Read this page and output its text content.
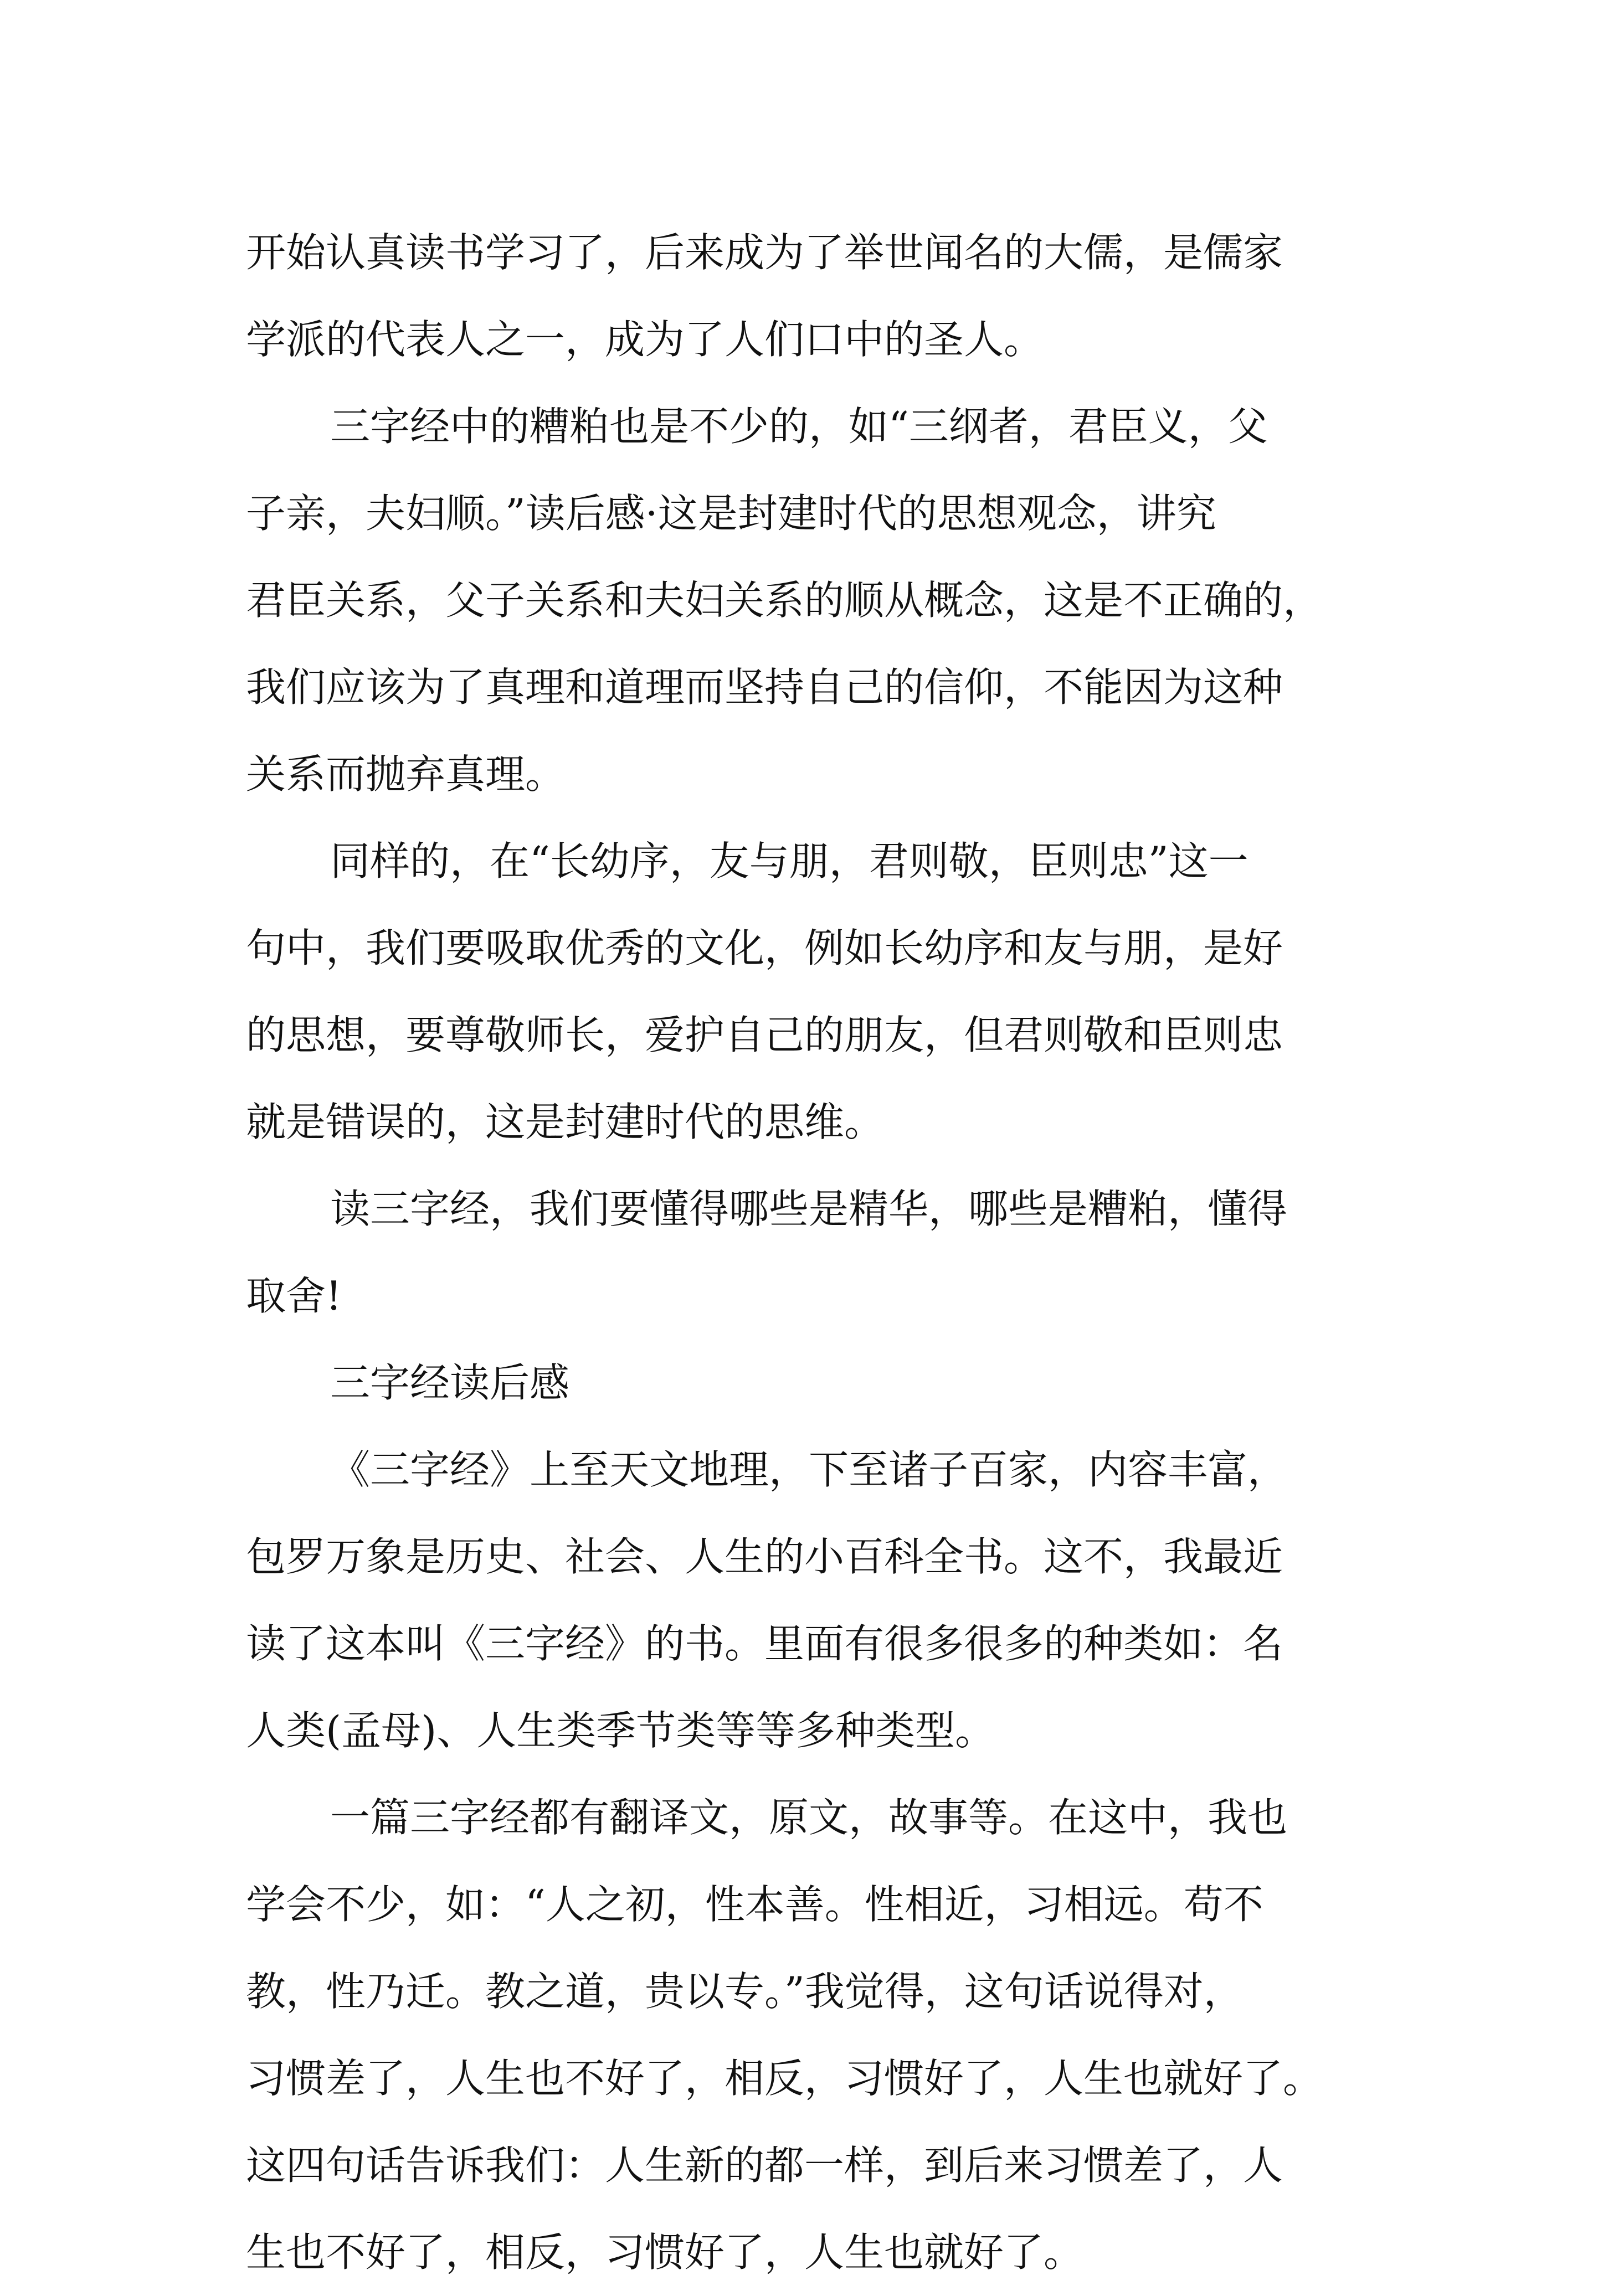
开始认真读书学习了，后来成为了举世闻名的大儒，是儒家
学派的代表人之一，成为了人们口中的圣人。
三字经中的糟粕也是不少的，如“三纲者，君臣义，父
子亲，夫妇顺。”读后感·这是封建时代的思想观念，讲究
君臣关系，父子关系和夫妇关系的顺从概念，这是不正确的，
我们应该为了真理和道理而坚持自己的信仰，不能因为这种
关系而抛弃真理。
同样的，在“长幼序，友与朋，君则敬，臣则忠”这一
句中，我们要吸取优秀的文化，例如长幼序和友与朋，是好
的思想，要尊敬师长，爱护自己的朋友，但君则敬和臣则忠
就是错误的，这是封建时代的思维。
读三字经，我们要懂得哪些是精华，哪些是糟粕，懂得
取舍!
三字经读后感
《三字经》上至天文地理，下至诸子百家，内容丰富，
包罗万象是历史、社会、人生的小百科全书。这不，我最近
读了这本叫《三字经》的书。里面有很多很多的种类如：名
人类(孟母)、人生类季节类等等多种类型。
一篇三字经都有翻译文，原文，故事等。在这中，我也
学会不少，如：“人之初，性本善。性相近，习相远。苟不
教，性乃迁。教之道，贵以专。”我觉得，这句话说得对，
习惯差了，人生也不好了，相反，习惯好了，人生也就好了。
这四句话告诉我们：人生新的都一样，到后来习惯差了，人
生也不好了，相反，习惯好了，人生也就好了。
